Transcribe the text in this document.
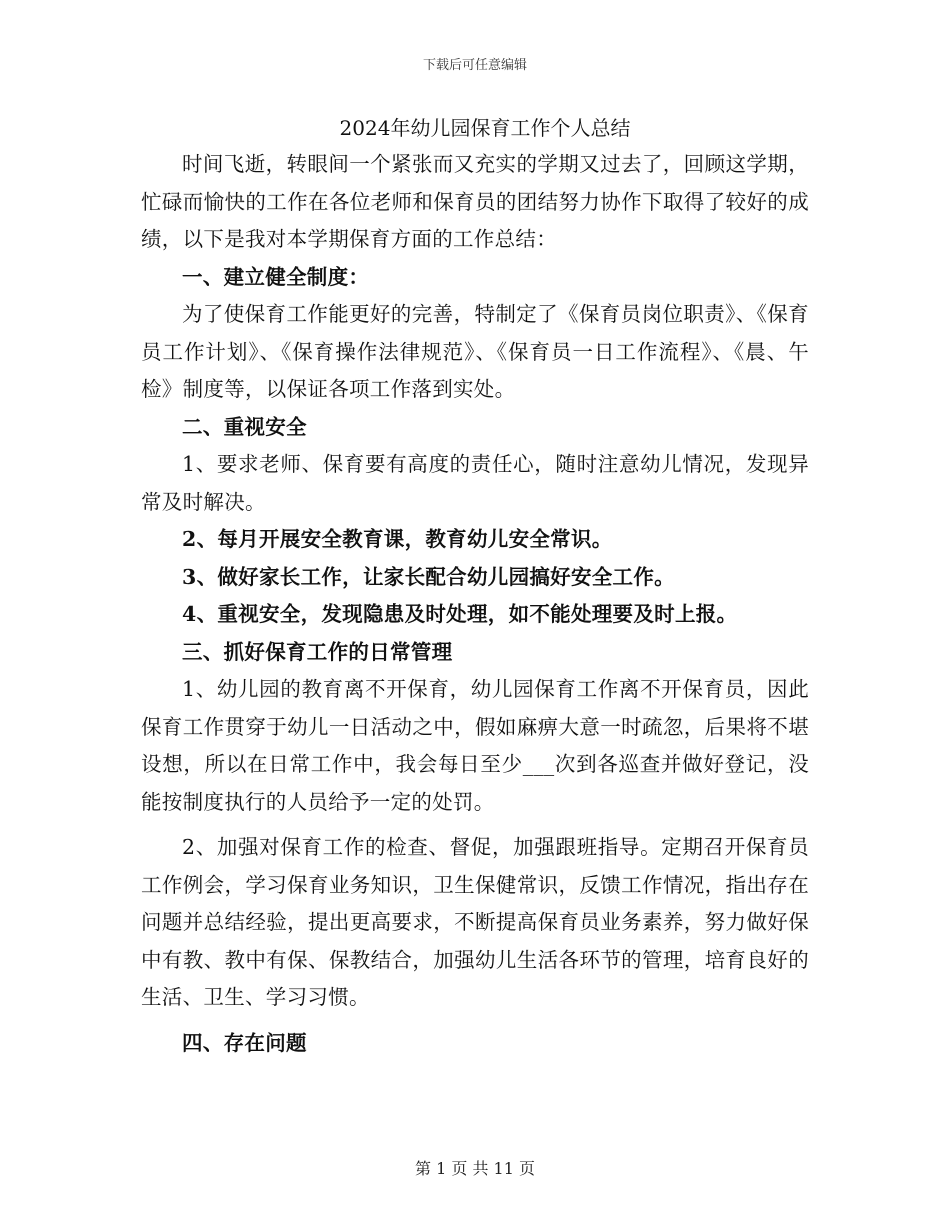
下载后可任意编辑
2024年幼儿园保育工作个人总结

时间飞逝，转眼间一个紧张而又充实的学期又过去了，回顾这学期，忙碌而愉快的工作在各位老师和保育员的团结努力协作下取得了较好的成绩，以下是我对本学期保育方面的工作总结：

一、建立健全制度：

为了使保育工作能更好的完善，特制定了《保育员岗位职责》、《保育员工作计划》、《保育操作法律规范》、《保育员一日工作流程》、《晨、午检》制度等，以保证各项工作落到实处。

二、重视安全

1、要求老师、保育要有高度的责任心，随时注意幼儿情况，发现异常及时解决。

2、每月开展安全教育课，教育幼儿安全常识。

3、做好家长工作，让家长配合幼儿园搞好安全工作。

4、重视安全，发现隐患及时处理，如不能处理要及时上报。

三、抓好保育工作的日常管理

1、幼儿园的教育离不开保育，幼儿园保育工作离不开保育员，因此保育工作贯穿于幼儿一日活动之中，假如麻痹大意一时疏忽，后果将不堪设想，所以在日常工作中，我会每日至少___次到各巡查并做好登记，没能按制度执行的人员给予一定的处罚。

2、加强对保育工作的检查、督促，加强跟班指导。定期召开保育员工作例会，学习保育业务知识，卫生保健常识，反馈工作情况，指出存在问题并总结经验，提出更高要求，不断提高保育员业务素养，努力做好保中有教、教中有保、保教结合，加强幼儿生活各环节的管理，培育良好的生活、卫生、学习习惯。

四、存在问题

第 1 页 共 11 页
